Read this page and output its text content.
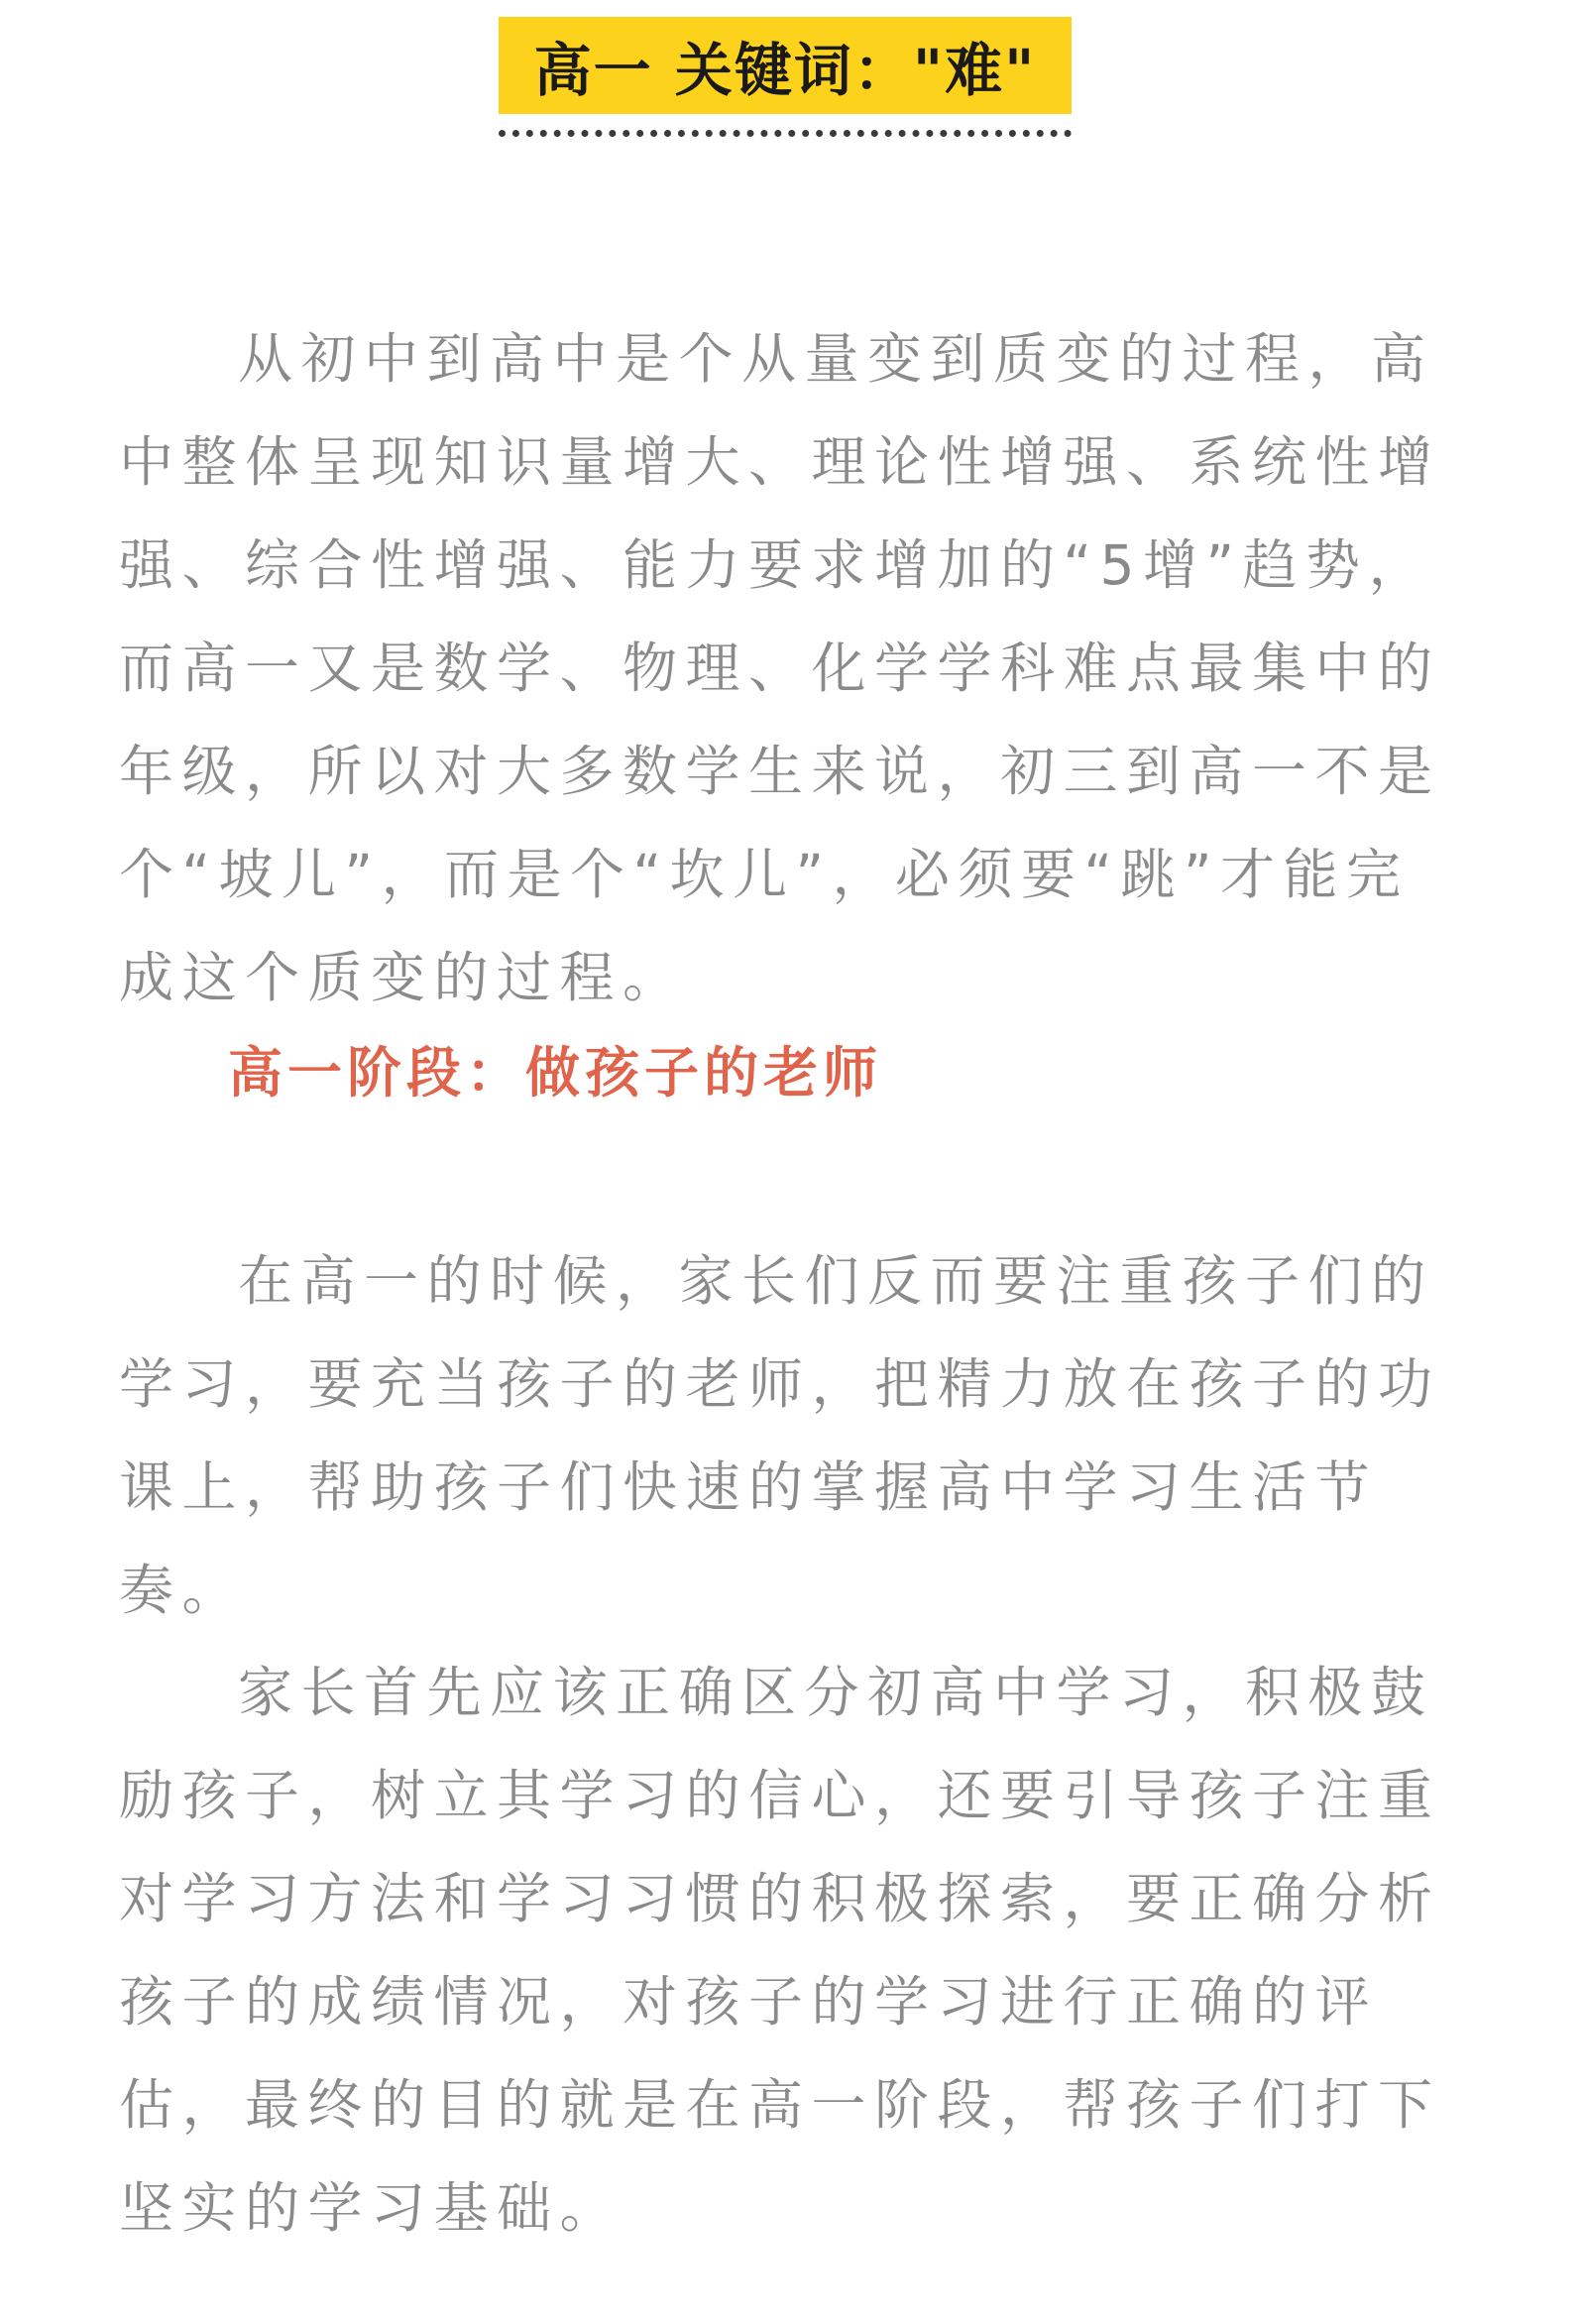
高一 关键词："难"

从初中到高中是个从量变到质变的过程，高中整体呈现知识量增大、理论性增强、系统性增强、综合性增强、能力要求增加的“5增”趋势，而高一又是数学、物理、化学学科难点最集中的年级，所以对大多数学生来说，初三到高一不是个“坡儿”，而是个“坎儿”，必须要“跳”才能完成这个质变的过程。

高一阶段：做孩子的老师

在高一的时候，家长们反而要注重孩子们的学习，要充当孩子的老师，把精力放在孩子的功课上，帮助孩子们快速的掌握高中学习生活节奏。

家长首先应该正确区分初高中学习，积极鼓励孩子，树立其学习的信心，还要引导孩子注重对学习方法和学习习惯的积极探索，要正确分析孩子的成绩情况，对孩子的学习进行正确的评估，最终的目的就是在高一阶段，帮孩子们打下坚实的学习基础。
